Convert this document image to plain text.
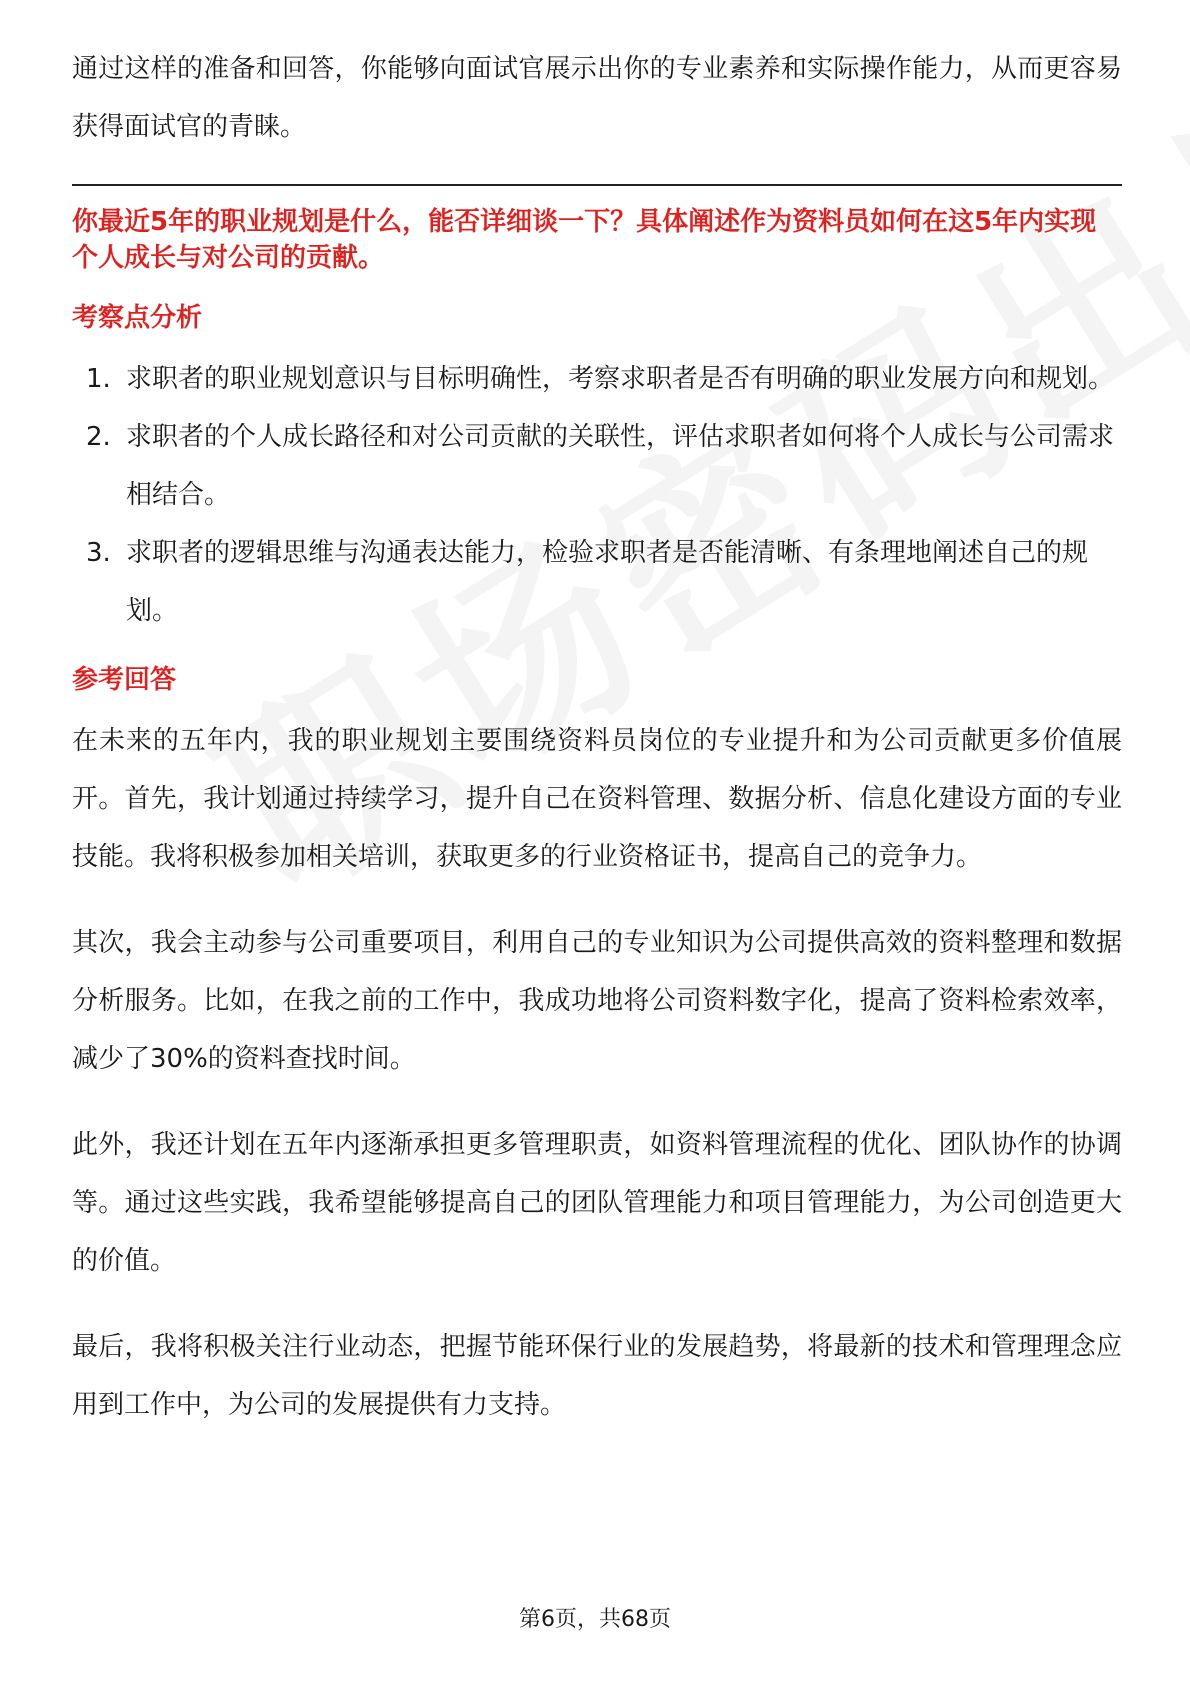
通过这样的准备和回答，你能够向面试官展示出你的专业素养和实际操作能力，从而更容易获得面试官的青睐。

你最近5年的职业规划是什么，能否详细谈一下？具体阐述作为资料员如何在这5年内实现个人成长与对公司的贡献。

考察点分析
1. 求职者的职业规划意识与目标明确性，考察求职者是否有明确的职业发展方向和规划。
2. 求职者的个人成长路径和对公司贡献的关联性，评估求职者如何将个人成长与公司需求相结合。
3. 求职者的逻辑思维与沟通表达能力，检验求职者是否能清晰、有条理地阐述自己的规划。
参考回答

在未来的五年内，我的职业规划主要围绕资料员岗位的专业提升和为公司贡献更多价值展开。首先，我计划通过持续学习，提升自己在资料管理、数据分析、信息化建设方面的专业技能。我将积极参加相关培训，获取更多的行业资格证书，提高自己的竞争力。

其次，我会主动参与公司重要项目，利用自己的专业知识为公司提供高效的资料整理和数据分析服务。比如，在我之前的工作中，我成功地将公司资料数字化，提高了资料检索效率，减少了30%的资料查找时间。

此外，我还计划在五年内逐渐承担更多管理职责，如资料管理流程的优化、团队协作的协调等。通过这些实践，我希望能够提高自己的团队管理能力和项目管理能力，为公司创造更大的价值。

最后，我将积极关注行业动态，把握节能环保行业的发展趋势，将最新的技术和管理理念应用到工作中，为公司的发展提供有力支持。

第6页，共68页
